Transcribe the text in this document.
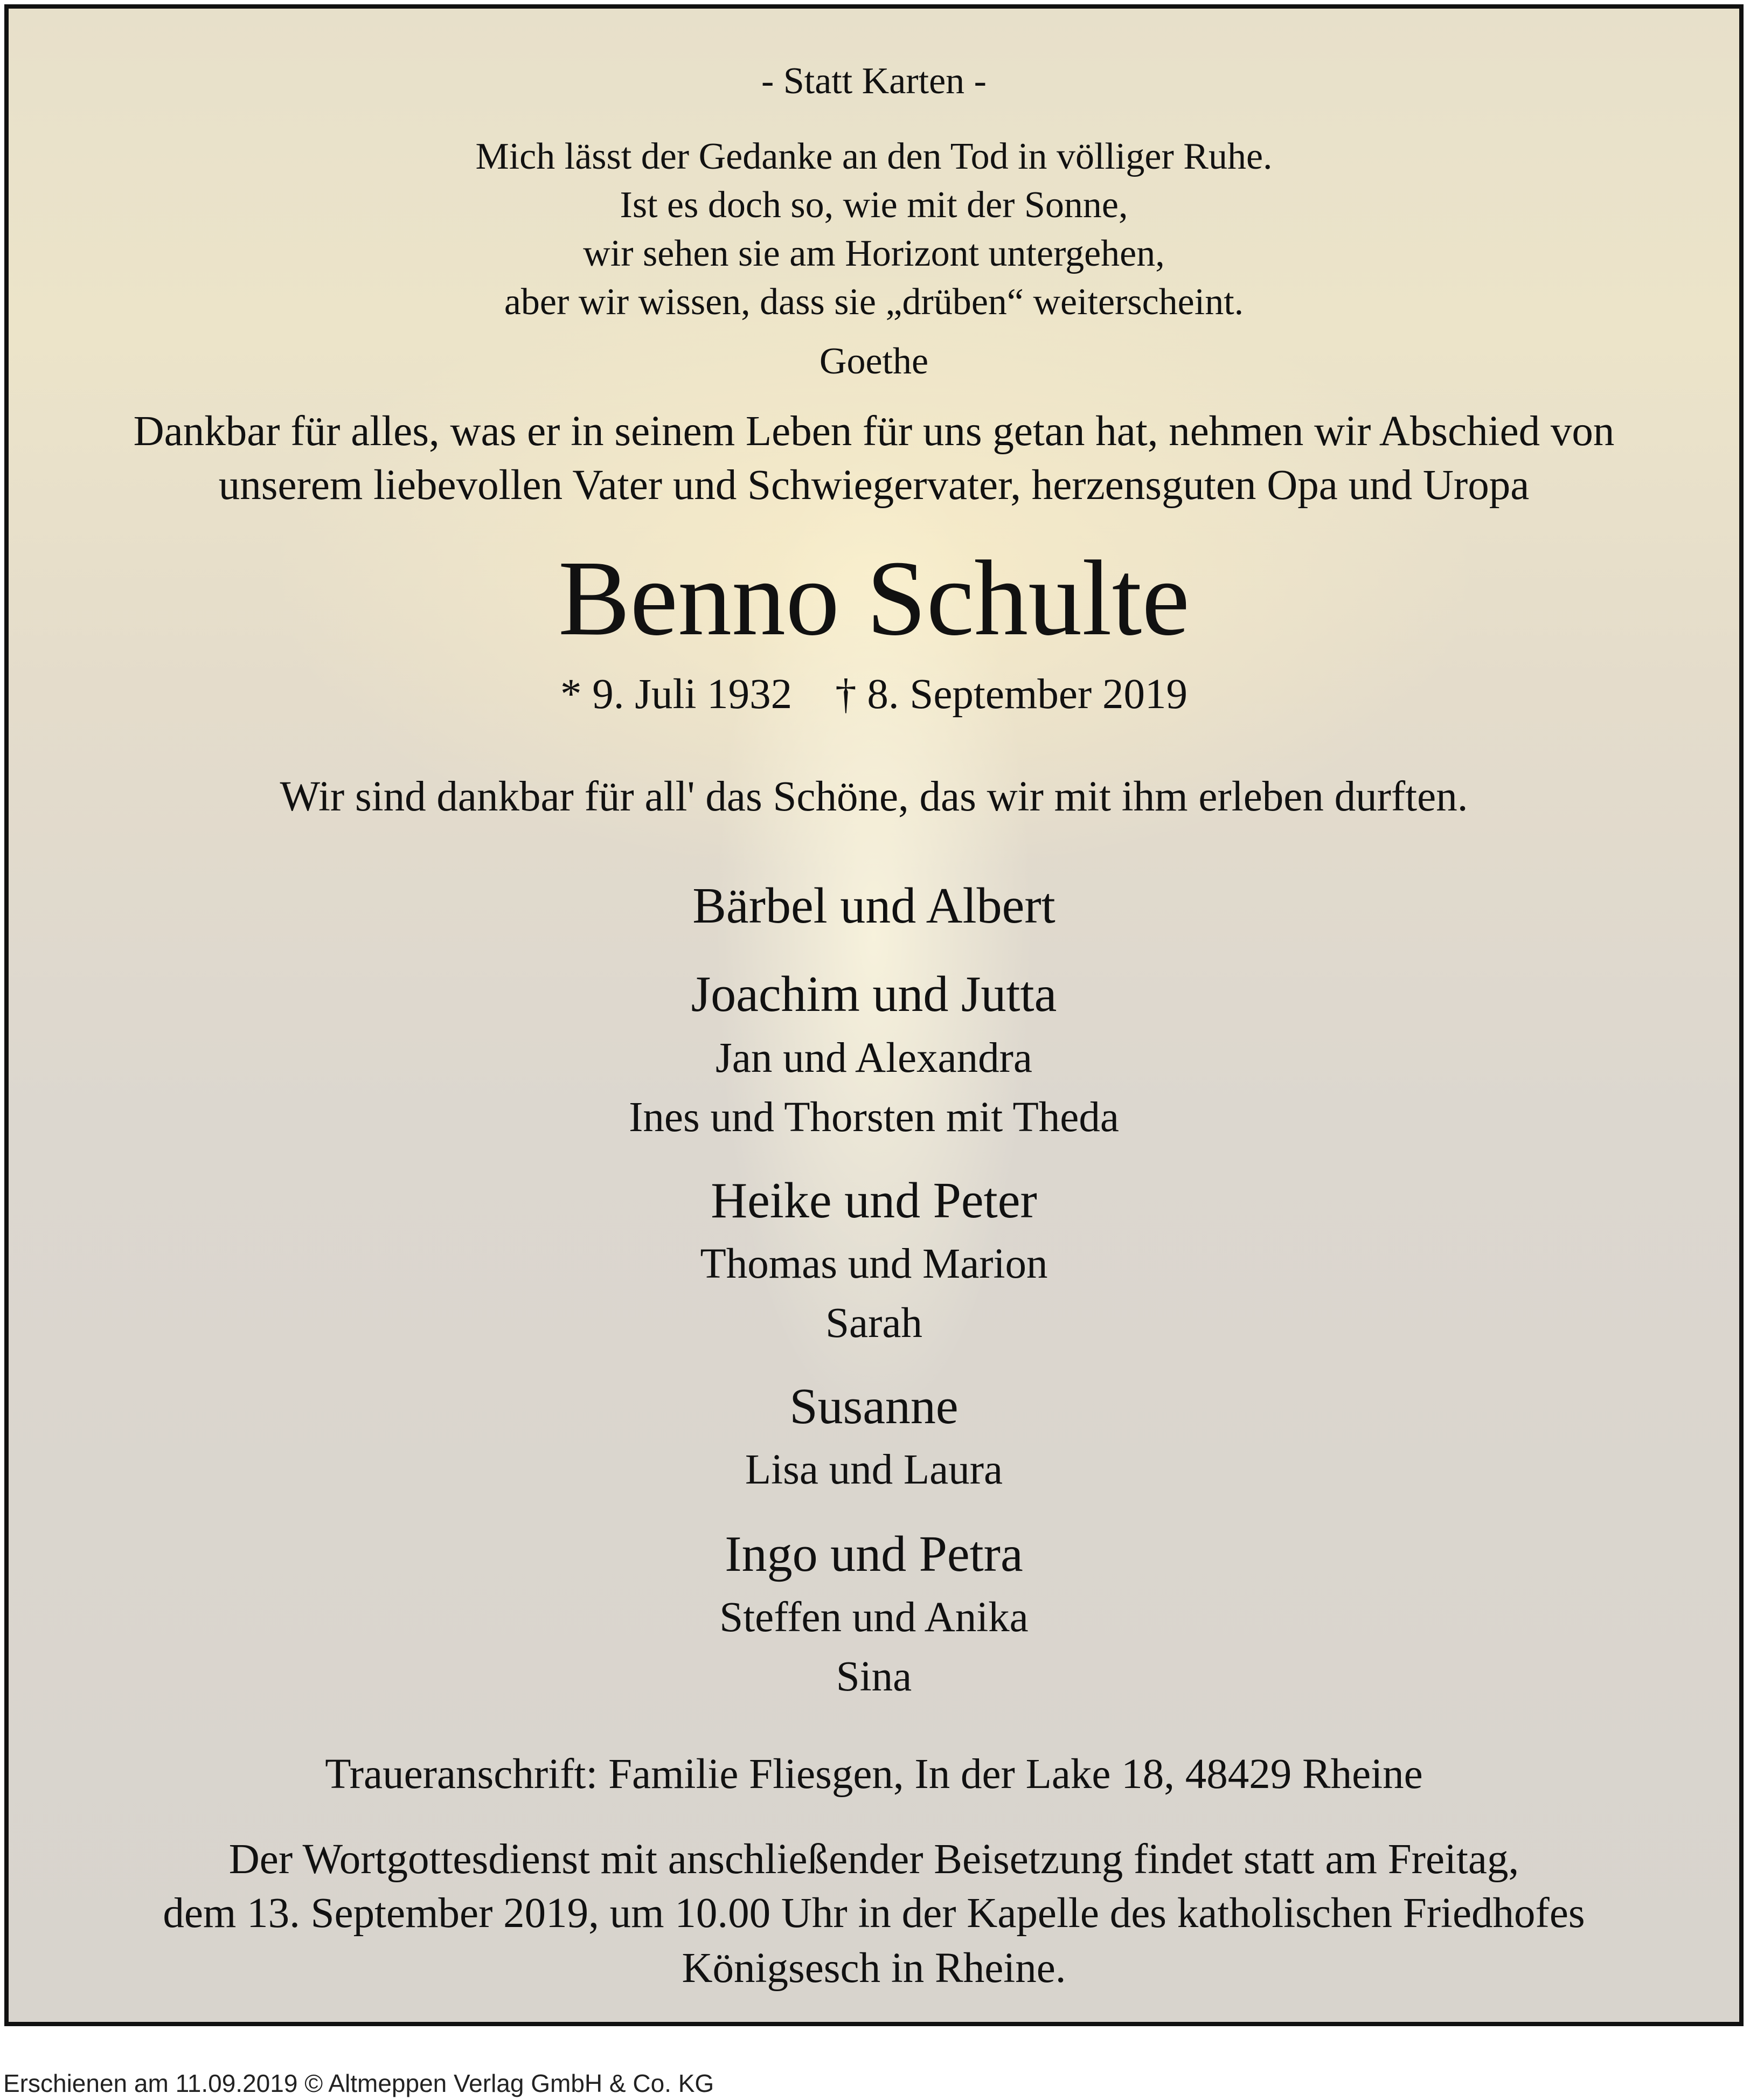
- Statt Karten -
Mich lässt der Gedanke an den Tod in völliger Ruhe.
Ist es doch so, wie mit der Sonne,
wir sehen sie am Horizont untergehen,
aber wir wissen, dass sie „drüben“ weiterscheint.
Goethe
Dankbar für alles, was er in seinem Leben für uns getan hat, nehmen wir Abschied von
unserem liebevollen Vater und Schwiegervater, herzensguten Opa und Uropa
Benno Schulte
* 9. Juli 1932 † 8. September 2019
Wir sind dankbar für all' das Schöne, das wir mit ihm erleben durften.
Bärbel und Albert
Joachim und Jutta
Jan und Alexandra
Ines und Thorsten mit Theda
Heike und Peter
Thomas und Marion
Sarah
Susanne
Lisa und Laura
Ingo und Petra
Steffen und Anika
Sina
Traueranschrift: Familie Fliesgen, In der Lake 18, 48429 Rheine
Der Wortgottesdienst mit anschließender Beisetzung findet statt am Freitag,
dem 13. September 2019, um 10.00 Uhr in der Kapelle des katholischen Friedhofes
Königsesch in Rheine.
Erschienen am 11.09.2019 © Altmeppen Verlag GmbH & Co. KG
